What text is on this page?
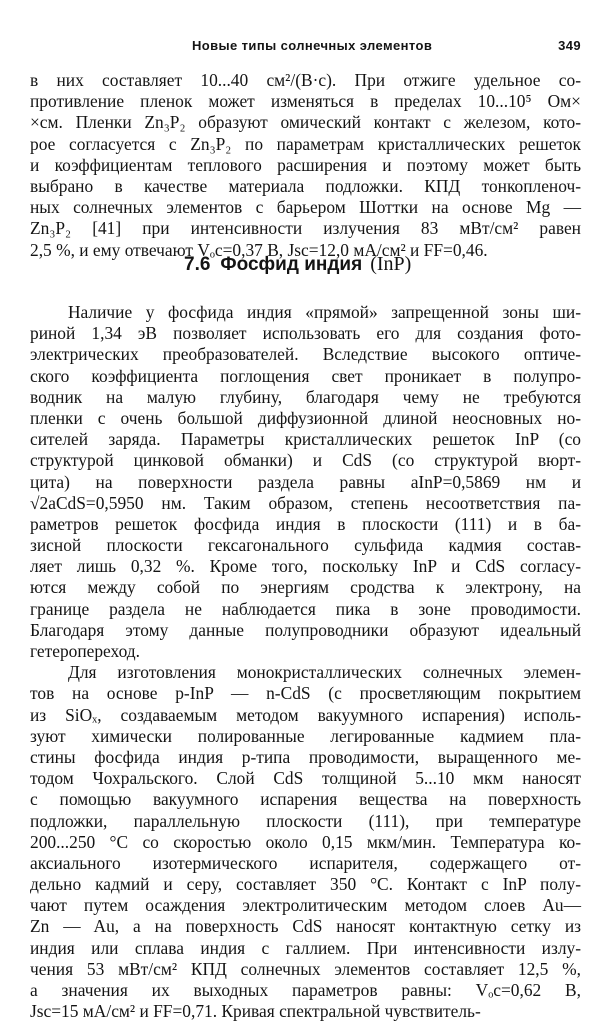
Новые типы солнечных элементов	349
в них составляет 10...40 см²/(В·с). При отжиге удельное со-
противление пленок может изменяться в пределах 10...10⁵ Ом×
×см. Пленки Zn₃P₂ образуют омический контакт с железом, кото-
рое согласуется с Zn₃P₂ по параметрам кристаллических решеток
и коэффициентам теплового расширения и поэтому может быть
выбрано в качестве материала подложки. КПД тонкопленоч-
ных солнечных элементов с барьером Шоттки на основе Mg —
Zn₃P₂ [41] при интенсивности излучения 83 мВт/см² равен
2,5 %, и ему отвечают Vₒc=0,37 В, Jsc=12,0 мА/см² и FF=0,46.
7.6 Фосфид индия (InP)
Наличие у фосфида индия «прямой» запрещенной зоны ши-
риной 1,34 эВ позволяет использовать его для создания фото-
электрических преобразователей. Вследствие высокого оптиче-
ского коэффициента поглощения свет проникает в полупро-
водник на малую глубину, благодаря чему не требуются
пленки с очень большой диффузионной длиной неосновных но-
сителей заряда. Параметры кристаллических решеток InP (со
структурой цинковой обманки) и CdS (со структурой вюрт-
цита) на поверхности раздела равны aInP=0,5869 нм и
√2aCdS=0,5950 нм. Таким образом, степень несоответствия па-
раметров решеток фосфида индия в плоскости (111) и в ба-
зисной плоскости гексагонального сульфида кадмия состав-
ляет лишь 0,32 %. Кроме того, поскольку InP и CdS согласу-
ются между собой по энергиям сродства к электрону, на
границе раздела не наблюдается пика в зоне проводимости.
Благодаря этому данные полупроводники образуют идеальный
гетеропереход.
Для изготовления монокристаллических солнечных элемен-
тов на основе p-InP — n-CdS (с просветляющим покрытием
из SiOₓ, создаваемым методом вакуумного испарения) исполь-
зуют химически полированные легированные кадмием пла-
стины фосфида индия p-типа проводимости, выращенного ме-
тодом Чохральского. Слой CdS толщиной 5...10 мкм наносят
с помощью вакуумного испарения вещества на поверхность
подложки, параллельную плоскости (111), при температуре
200...250 °C со скоростью около 0,15 мкм/мин. Температура ко-
аксиального изотермического испарителя, содержащего от-
дельно кадмий и серу, составляет 350 °C. Контакт с InP полу-
чают путем осаждения электролитическим методом слоев Au—
Zn — Au, а на поверхность CdS наносят контактную сетку из
индия или сплава индия с галлием. При интенсивности излу-
чения 53 мВт/см² КПД солнечных элементов составляет 12,5 %,
а значения их выходных параметров равны: Vₒc=0,62 В,
Jsc=15 мА/см² и FF=0,71. Кривая спектральной чувствитель-
